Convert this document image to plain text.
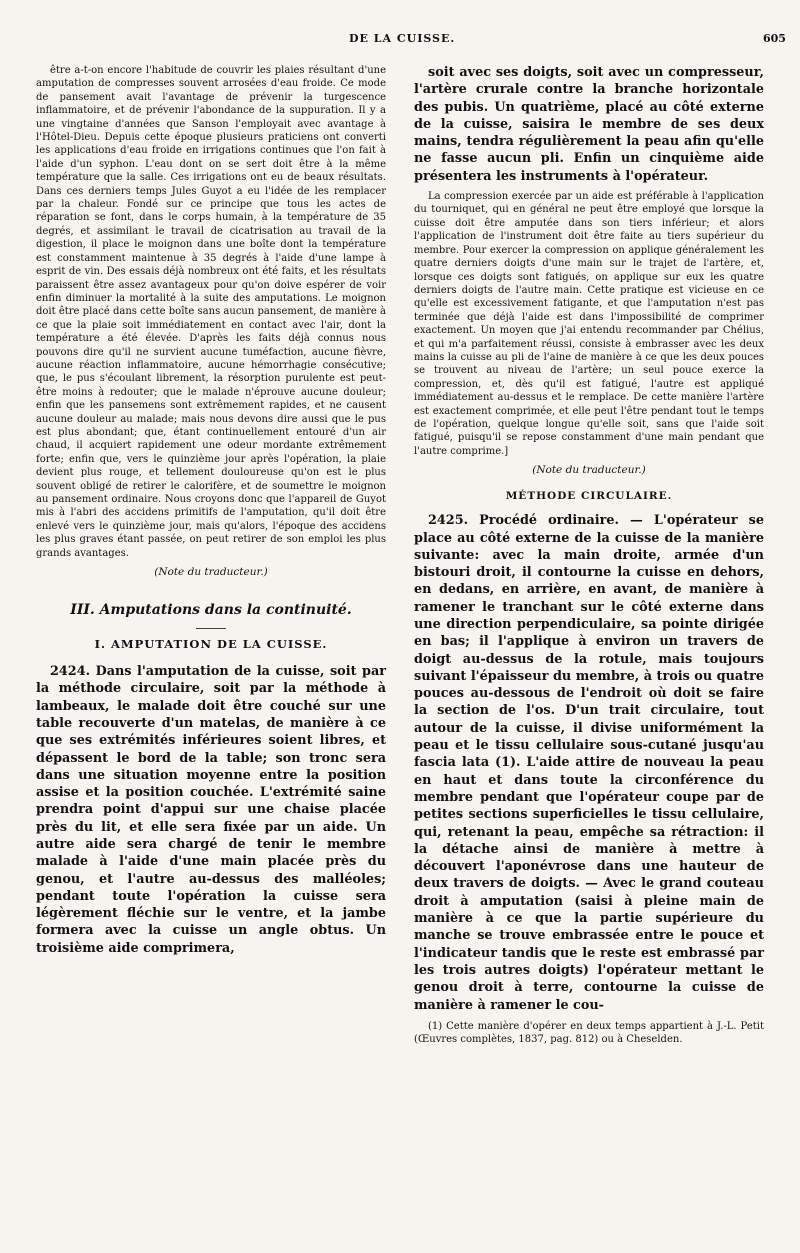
DE LA CUISSE.	605

être a-t-on encore l'habitude de couvrir les plaies résultant d'une amputation de compresses souvent arrosées d'eau froide. Ce mode de pansement avait l'avantage de prévenir la turgescence inflammatoire, et de prévenir l'abondance de la suppuration. Il y a une vingtaine d'années que Sanson l'employait avec avantage à l'Hôtel-Dieu. Depuis cette époque plusieurs praticiens ont converti les applications d'eau froide en irrigations continues que l'on fait à l'aide d'un syphon. L'eau dont on se sert doit être à la même température que la salle. Ces irrigations ont eu de beaux résultats. Dans ces derniers temps Jules Guyot a eu l'idée de les remplacer par la chaleur. Fondé sur ce principe que tous les actes de réparation se font, dans le corps humain, à la température de 35 degrés, et assimilant le travail de cicatrisation au travail de la digestion, il place le moignon dans une boîte dont la température est constamment maintenue à 35 degrés à l'aide d'une lampe à esprit de vin. Des essais déjà nombreux ont été faits, et les résultats paraissent être assez avantageux pour qu'on doive espérer de voir enfin diminuer la mortalité à la suite des amputations. Le moignon doit être placé dans cette boîte sans aucun pansement, de manière à ce que la plaie soit immédiatement en contact avec l'air, dont la température a été élevée. D'après les faits déjà connus nous pouvons dire qu'il ne survient aucune tuméfaction, aucune fièvre, aucune réaction inflammatoire, aucune hémorrhagie consécutive; que, le pus s'écoulant librement, la résorption purulente est peut-être moins à redouter; que le malade n'éprouve aucune douleur; enfin que les pansemens sont extrêmement rapides, et ne causent aucune douleur au malade; mais nous devons dire aussi que le pus est plus abondant; que, étant continuellement entouré d'un air chaud, il acquiert rapidement une odeur mordante extrêmement forte; enfin que, vers le quinzième jour après l'opération, la plaie devient plus rouge, et tellement douloureuse qu'on est le plus souvent obligé de retirer le calorifère, et de soumettre le moignon au pansement ordinaire. Nous croyons donc que l'appareil de Guyot mis à l'abri des accidens primitifs de l'amputation, qu'il doit être enlevé vers le quinzième jour, mais qu'alors, l'époque des accidens les plus graves étant passée, on peut retirer de son emploi les plus grands avantages.

(Note du traducteur.)
III. Amputations dans la continuité.
I. AMPUTATION DE LA CUISSE.

2424. Dans l'amputation de la cuisse, soit par la méthode circulaire, soit par la méthode à lambeaux, le malade doit être couché sur une table recouverte d'un matelas, de manière à ce que ses extrémités inférieures soient libres, et dépassent le bord de la table; son tronc sera dans une situation moyenne entre la position assise et la position couchée. L'extrémité saine prendra point d'appui sur une chaise placée près du lit, et elle sera fixée par un aide. Un autre aide sera chargé de tenir le membre malade à l'aide d'une main placée près du genou, et l'autre au-dessus des malléoles; pendant toute l'opération la cuisse sera légèrement fléchie sur le ventre, et la jambe formera avec la cuisse un angle obtus. Un troisième aide comprimera,

soit avec ses doigts, soit avec un compresseur, l'artère crurale contre la branche horizontale des pubis. Un quatrième, placé au côté externe de la cuisse, saisira le membre de ses deux mains, tendra régulièrement la peau afin qu'elle ne fasse aucun pli. Enfin un cinquième aide présentera les instruments à l'opérateur.

La compression exercée par un aide est préférable à l'application du tourniquet, qui en général ne peut être employé que lorsque la cuisse doit être amputée dans son tiers inférieur; et alors l'application de l'instrument doit être faite au tiers supérieur du membre. Pour exercer la compression on applique généralement les quatre derniers doigts d'une main sur le trajet de l'artère, et, lorsque ces doigts sont fatigués, on applique sur eux les quatre derniers doigts de l'autre main. Cette pratique est vicieuse en ce qu'elle est excessivement fatigante, et que l'amputation n'est pas terminée que déjà l'aide est dans l'impossibilité de comprimer exactement. Un moyen que j'ai entendu recommander par Chélius, et qui m'a parfaitement réussi, consiste à embrasser avec les deux mains la cuisse au pli de l'aine de manière à ce que les deux pouces se trouvent au niveau de l'artère; un seul pouce exerce la compression, et, dès qu'il est fatigué, l'autre est appliqué immédiatement au-dessus et le remplace. De cette manière l'artère est exactement comprimée, et elle peut l'être pendant tout le temps de l'opération, quelque longue qu'elle soit, sans que l'aide soit fatigué, puisqu'il se repose constamment d'une main pendant que l'autre comprime.]

(Note du traducteur.)
MÉTHODE CIRCULAIRE.

2425. Procédé ordinaire. — L'opérateur se place au côté externe de la cuisse de la manière suivante: avec la main droite, armée d'un bistouri droit, il contourne la cuisse en dehors, en dedans, en arrière, en avant, de manière à ramener le tranchant sur le côté externe dans une direction perpendiculaire, sa pointe dirigée en bas; il l'applique à environ un travers de doigt au-dessus de la rotule, mais toujours suivant l'épaisseur du membre, à trois ou quatre pouces au-dessous de l'endroit où doit se faire la section de l'os. D'un trait circulaire, tout autour de la cuisse, il divise uniformément la peau et le tissu cellulaire sous-cutané jusqu'au fascia lata (1). L'aide attire de nouveau la peau en haut et dans toute la circonférence du membre pendant que l'opérateur coupe par de petites sections superficielles le tissu cellulaire, qui, retenant la peau, empêche sa rétraction: il la détache ainsi de manière à mettre à découvert l'aponévrose dans une hauteur de deux travers de doigts. — Avec le grand couteau droit à amputation (saisi à pleine main de manière à ce que la partie supérieure du manche se trouve embrassée entre le pouce et l'indicateur tandis que le reste est embrassé par les trois autres doigts) l'opérateur mettant le genou droit à terre, contourne la cuisse de manière à ramener le cou-

(1) Cette manière d'opérer en deux temps appartient à J.-L. Petit (Œuvres complètes, 1837, pag. 812) ou à Cheselden.
